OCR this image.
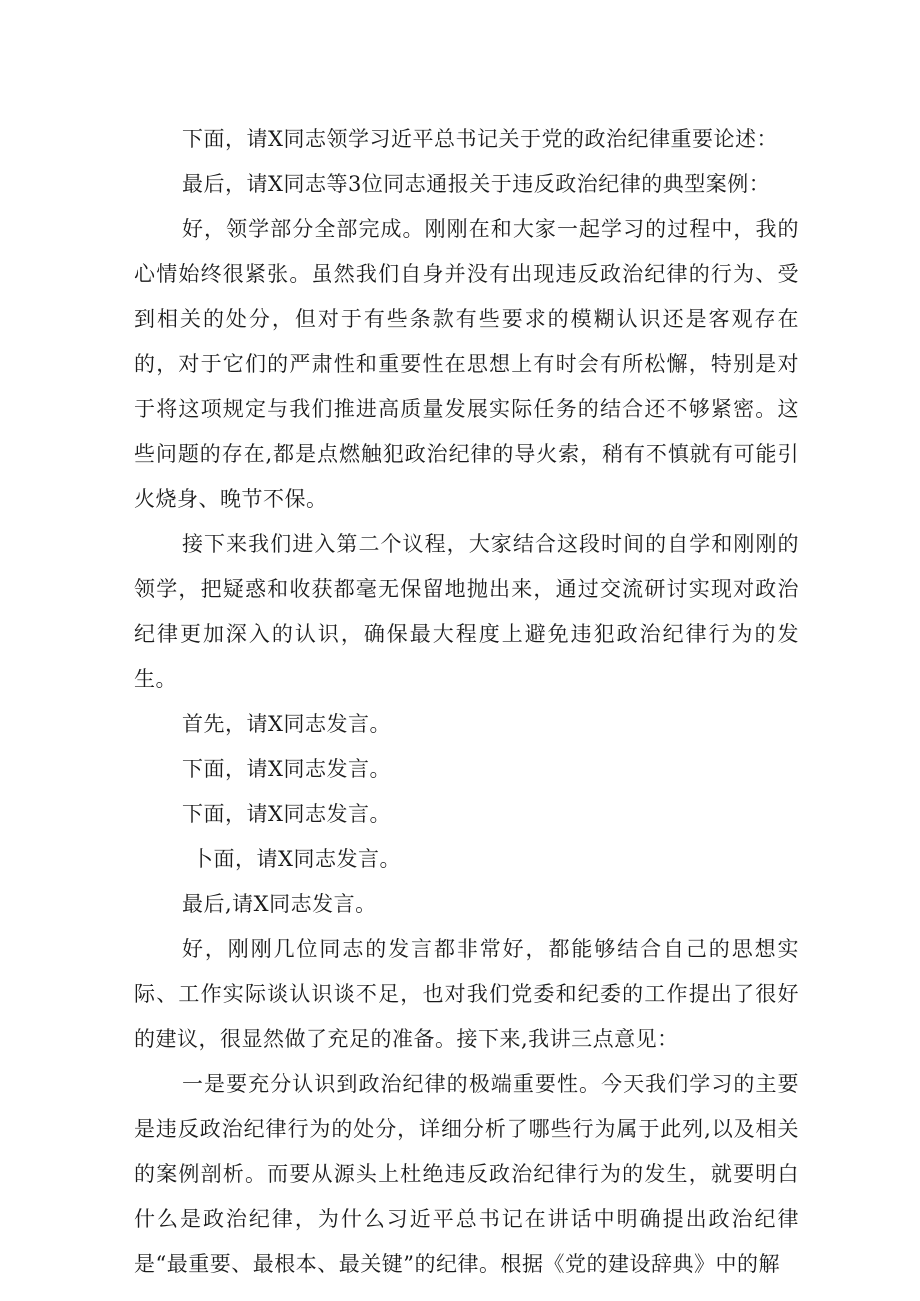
下面，请X同志领学习近平总书记关于党的政治纪律重要论述：

最后，请X同志等3位同志通报关于违反政治纪律的典型案例：

好，领学部分全部完成。刚刚在和大家一起学习的过程中，我的心情始终很紧张。虽然我们自身并没有出现违反政治纪律的行为、受到相关的处分，但对于有些条款有些要求的模糊认识还是客观存在的，对于它们的严肃性和重要性在思想上有时会有所松懈，特别是对于将这项规定与我们推进高质量发展实际任务的结合还不够紧密。这些问题的存在,都是点燃触犯政治纪律的导火索，稍有不慎就有可能引火烧身、晚节不保。

接下来我们进入第二个议程，大家结合这段时间的自学和刚刚的领学，把疑惑和收获都毫无保留地抛出来，通过交流研讨实现对政治纪律更加深入的认识，确保最大程度上避免违犯政治纪律行为的发生。

首先，请X同志发言。

下面，请X同志发言。

下面，请X同志发言。

卜面，请X同志发言。

最后,请X同志发言。

好，刚刚几位同志的发言都非常好，都能够结合自己的思想实际、工作实际谈认识谈不足，也对我们党委和纪委的工作提出了很好的建议，很显然做了充足的准备。接下来,我讲三点意见：

一是要充分认识到政治纪律的极端重要性。今天我们学习的主要是违反政治纪律行为的处分，详细分析了哪些行为属于此列,以及相关的案例剖析。而要从源头上杜绝违反政治纪律行为的发生，就要明白什么是政治纪律，为什么习近平总书记在讲话中明确提出政治纪律是“最重要、最根本、最关键”的纪律。根据《党的建设辞典》中的解
